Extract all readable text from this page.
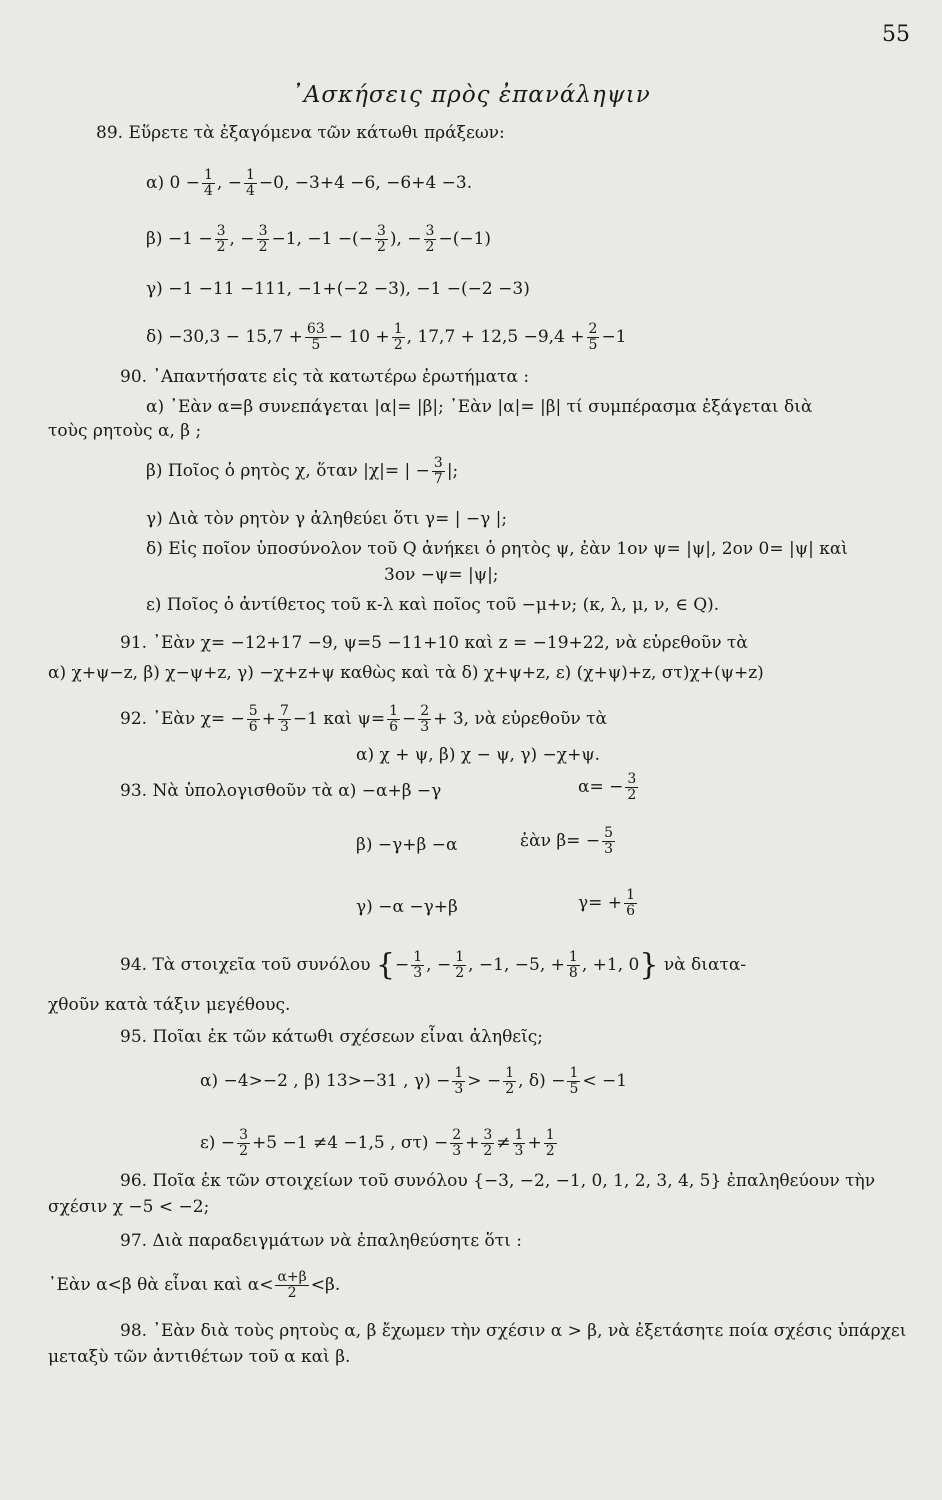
55
᾿Ασκήσεις πρὸς ἐπανάληψιν
89. Εὕρετε τὰ ἐξαγόμενα τῶν κάτωθι πράξεων:
α) $0 - \frac{1}{4}$ , − $\frac{1}{4} -0$, −3+4 −6, −6+4 −3.
$\beta) -1 - \frac{3}{2}$ , − $\frac{3}{2} -1$, −1 −(− $\frac{3}{2}$ ), − $\frac{3}{2} -(-1)$
γ) −1 −11 −111, −1+(−2 −3), −1 −(−2 −3)
$\delta) -30,3 - 15,7 + \frac{63}{5} - 10 + \frac{1}{2}$ , $17,7 + 12,5 -9,4 + \frac{2}{5} -1$
90. ᾿Απαντήσατε εἰς τὰ κατωτέρω ἐρωτήματα :
α) ᾿Εὰν α=β συνεπάγεται |α|= |β|; ᾿Εὰν |α|= |β| τί συμπέρασμα ἐξάγεται διὰ
τοὺς ρητοὺς α, β ;
β) Ποῖος ὁ ρητὸς χ, ὅταν |χ|= | − $\frac{3}{7}$ |;
γ) Διὰ τὸν ρητὸν γ ἀληθεύει ὅτι γ= | −γ |;
δ) Εἰς ποῖον ὑποσύνολον τοῦ Q ἀνήκει ὁ ρητὸς ψ, ἐὰν 1ον ψ= |ψ|, 2ον 0= |ψ| καὶ
3ον −ψ= |ψ|;
ε) Ποῖος ὁ ἀντίθετος τοῦ κ-λ καὶ ποῖος τοῦ −μ+ν; (κ, λ, μ, ν, ∈ Q).
91. ᾿Εὰν χ= −12+17 −9, ψ=5 −11+10 καὶ z = −19+22, νὰ εὑρεθοῦν τὰ
α) χ+ψ−z, β) χ−ψ+z, γ) −χ+z+ψ καθὼς καὶ τὰ δ) χ+ψ+z, ε) (χ+ψ)+z, στ)χ+(ψ+z)
92. ᾿Εὰν $\chi= - \frac{5}{6} + \frac{7}{3} -1$ καὶ $\psi= \frac{1}{6} - \frac{2}{3} + 3$, νὰ εὑρεθοῦν τὰ
α) χ + ψ, β) χ − ψ, γ) −χ+ψ.
93. Νὰ ὑπολογισθοῦν τὰ α) −α+β −γ	$\alpha= - \frac{3}{2}$
β) −γ+β −α	ἐὰν $\beta= - \frac{5}{3}$
γ) −α −γ+β	$\gamma= + \frac{1}{6}$
94. Τὰ στοιχεῖα τοῦ συνόλου {− $\frac{1}{3}$ , − $\frac{1}{2}$ , −1, −5, + $\frac{1}{8}$ , +1, 0} νὰ διατα-
χθοῦν κατὰ τάξιν μεγέθους.
95. Ποῖαι ἐκ τῶν κάτωθι σχέσεων εἶναι ἀληθεῖς;
α) −4>−2 , β) 13>−31 , $\gamma) - \frac{1}{3}$ > − $\frac{1}{2}$ , $\delta) - \frac{1}{5} < -1$
$\varepsilon) - \frac{3}{2} +5 -1 \ne 4 -1,5$ , $\sigma\tau) - \frac{2}{3} + \frac{3}{2} \ne \frac{1}{3} + \frac{1}{2}$
96. Ποῖα ἐκ τῶν στοιχείων τοῦ συνόλου {−3, −2, −1, 0, 1, 2, 3, 4, 5} ἐπαληθεύουν τὴν
σχέσιν χ −5 < −2;
97. Διὰ παραδειγμάτων νὰ ἐπαληθεύσητε ὅτι :
᾿Εὰν α<β θὰ εἶναι καὶ $\alpha< \frac{\alpha+\beta}{2} <\beta$.
98. ᾿Εὰν διὰ τοὺς ρητοὺς α, β ἔχωμεν τὴν σχέσιν α > β, νὰ ἐξετάσητε ποία σχέσις ὑπάρχει
μεταξὺ τῶν ἀντιθέτων τοῦ α καὶ β.
